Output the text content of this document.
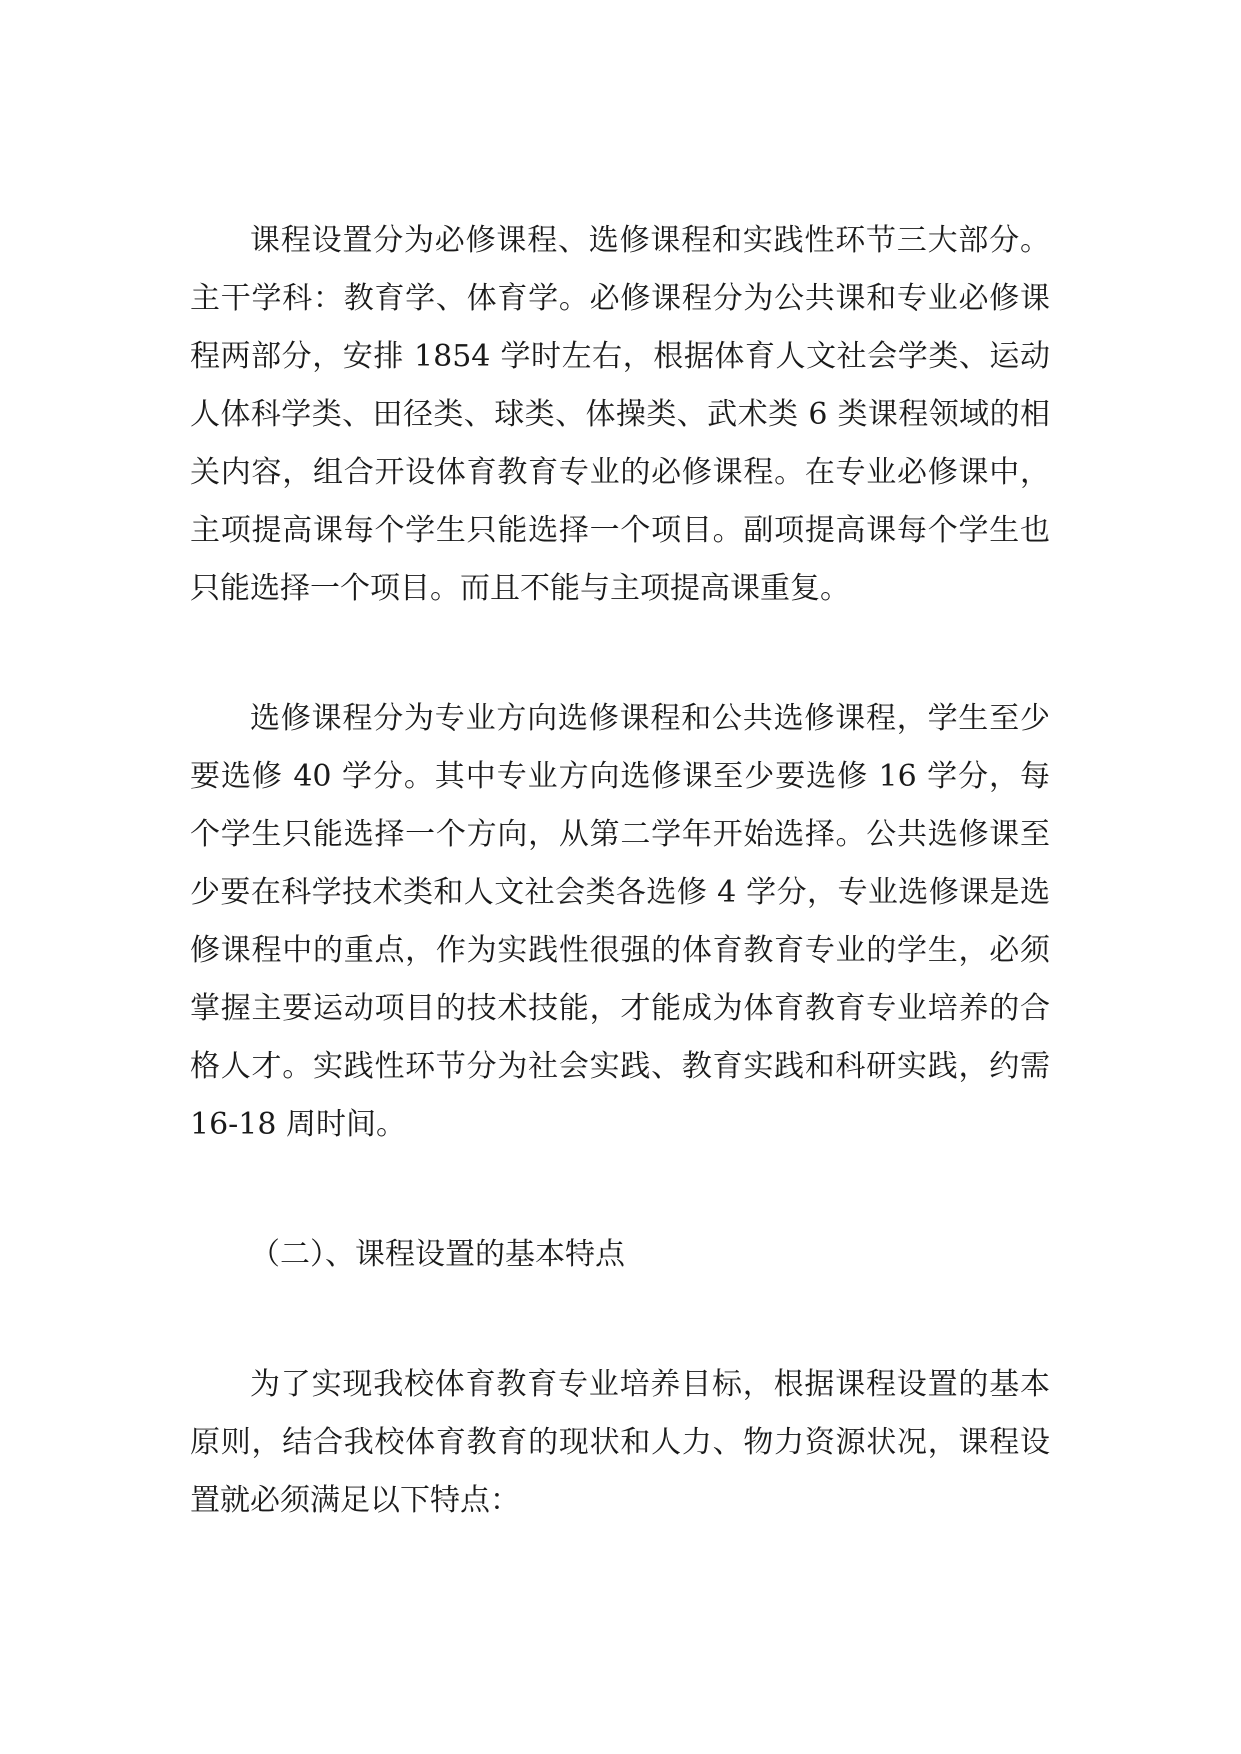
课程设置分为必修课程、选修课程和实践性环节三大部分。主干学科：教育学、体育学。必修课程分为公共课和专业必修课程两部分，安排 1854 学时左右，根据体育人文社会学类、运动人体科学类、田径类、球类、体操类、武术类 6 类课程领域的相关内容，组合开设体育教育专业的必修课程。在专业必修课中，主项提高课每个学生只能选择一个项目。副项提高课每个学生也只能选择一个项目。而且不能与主项提高课重复。

选修课程分为专业方向选修课程和公共选修课程，学生至少要选修 40 学分。其中专业方向选修课至少要选修 16 学分，每个学生只能选择一个方向，从第二学年开始选择。公共选修课至少要在科学技术类和人文社会类各选修 4 学分，专业选修课是选修课程中的重点，作为实践性很强的体育教育专业的学生，必须掌握主要运动项目的技术技能，才能成为体育教育专业培养的合格人才。实践性环节分为社会实践、教育实践和科研实践，约需 16-18 周时间。

（二）、课程设置的基本特点

为了实现我校体育教育专业培养目标，根据课程设置的基本原则，结合我校体育教育的现状和人力、物力资源状况，课程设置就必须满足以下特点：
